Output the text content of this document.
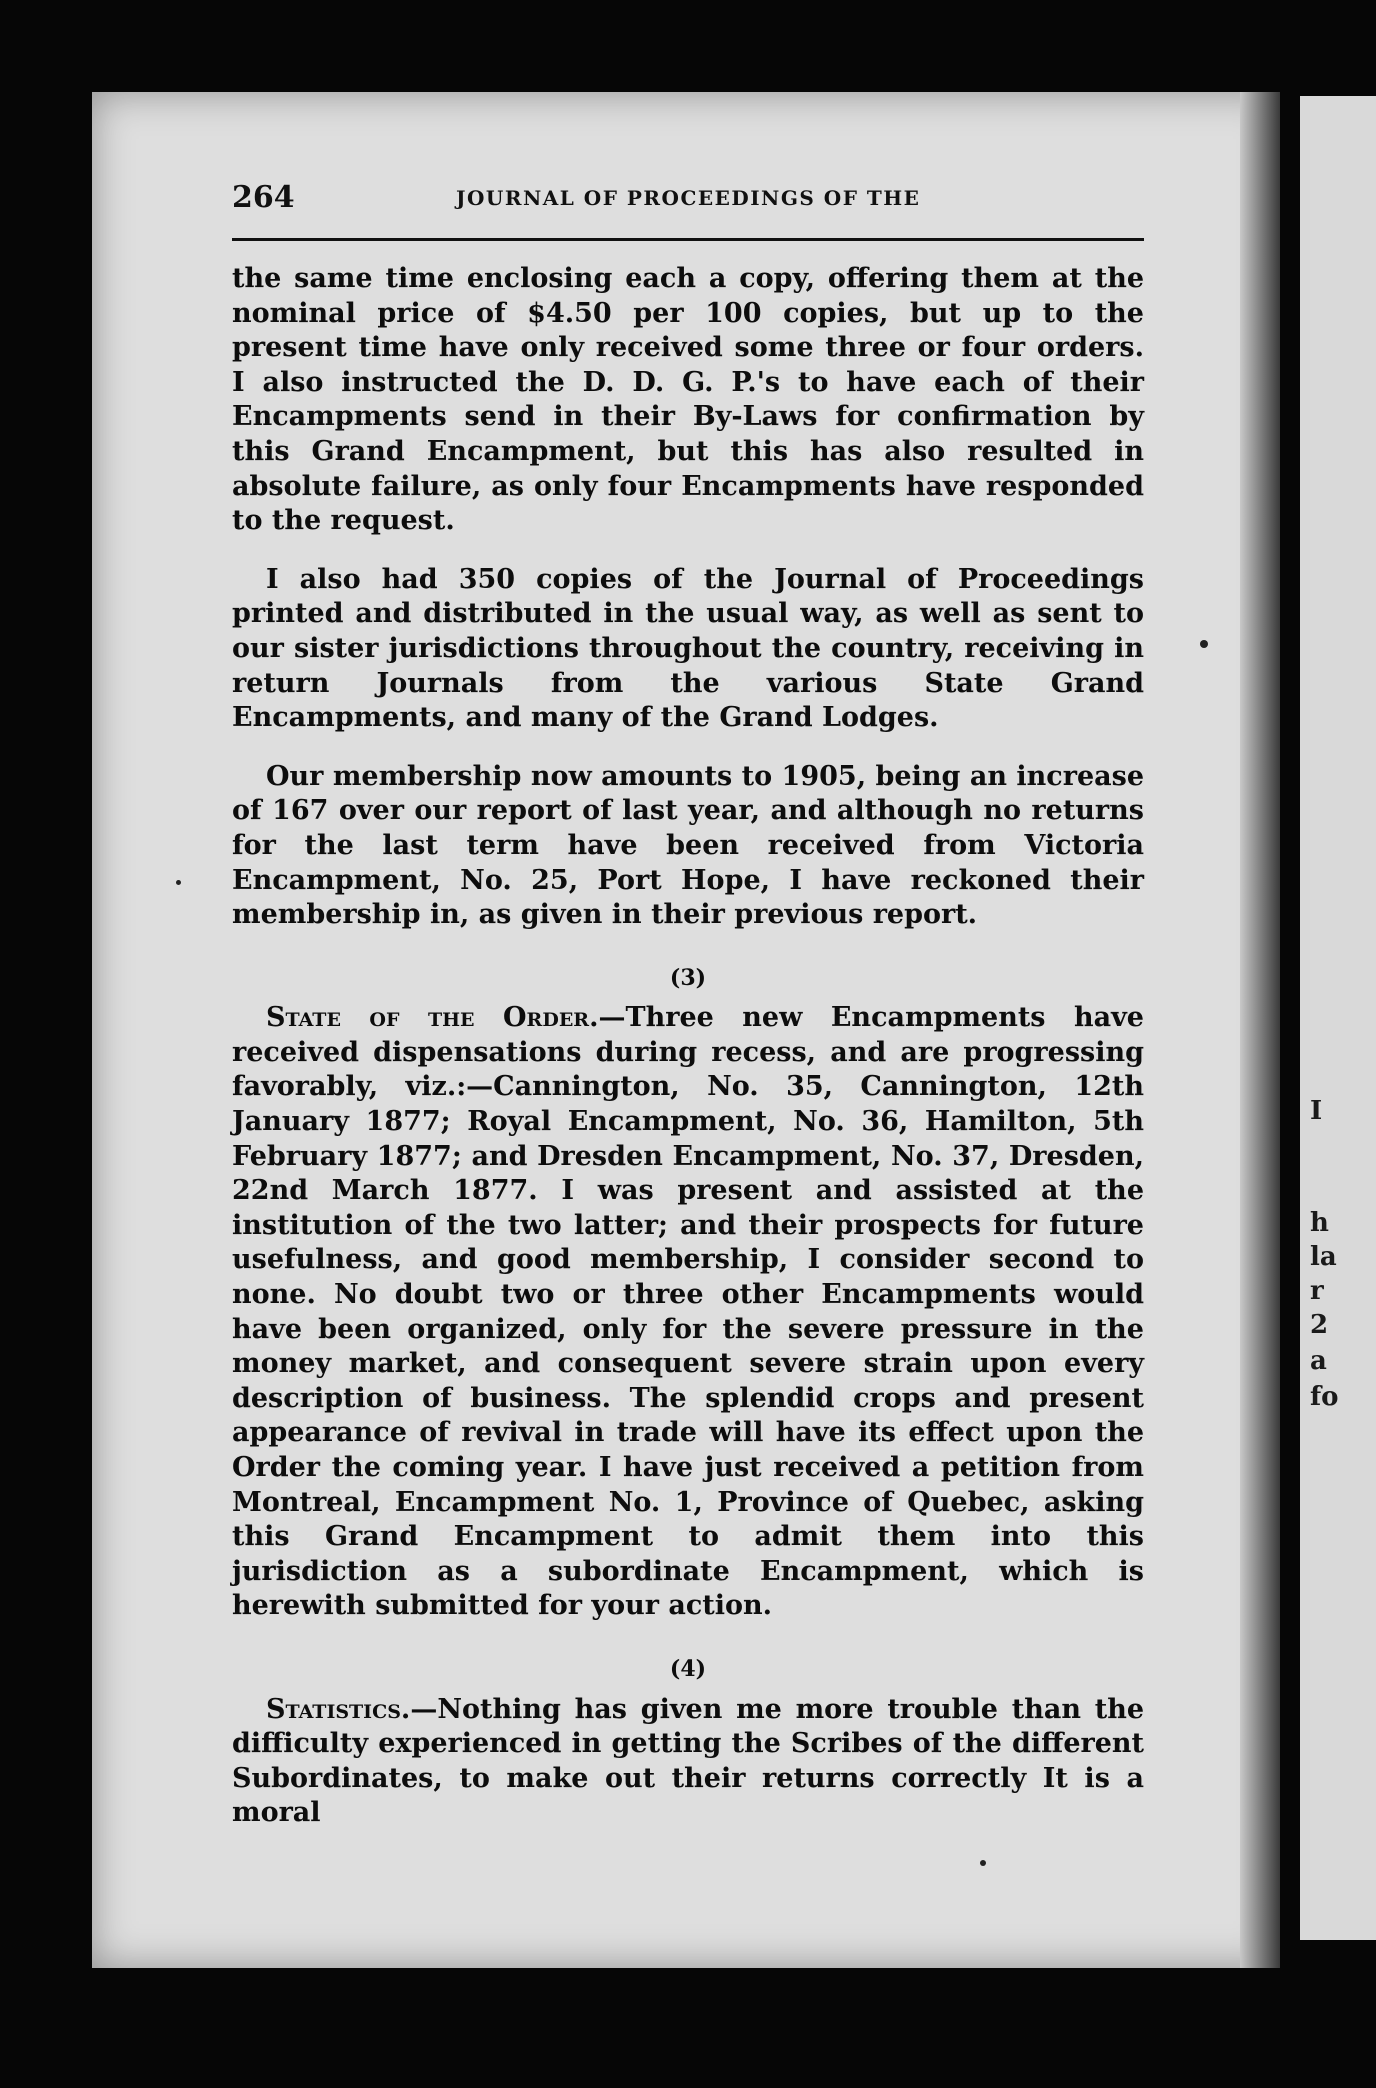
I
h
la
r
2
a
fo
264	JOURNAL OF PROCEEDINGS OF THE

the same time enclosing each a copy, offering them at the nominal price of $4.50 per 100 copies, but up to the present time have only received some three or four orders. I also instructed the D. D. G. P.'s to have each of their Encampments send in their By-Laws for confirmation by this Grand Encampment, but this has also resulted in absolute failure, as only four Encampments have responded to the request.

I also had 350 copies of the Journal of Proceedings printed and distributed in the usual way, as well as sent to our sister jurisdictions throughout the country, receiving in return Journals from the various State Grand Encampments, and many of the Grand Lodges.

Our membership now amounts to 1905, being an increase of 167 over our report of last year, and although no returns for the last term have been received from Victoria Encampment, No. 25, Port Hope, I have reckoned their membership in, as given in their previous report.

(3)

State of the Order.—Three new Encampments have received dispensations during recess, and are progressing favorably, viz.:—Cannington, No. 35, Cannington, 12th January 1877; Royal Encampment, No. 36, Hamilton, 5th February 1877; and Dresden Encampment, No. 37, Dresden, 22nd March 1877. I was present and assisted at the institution of the two latter; and their prospects for future usefulness, and good membership, I consider second to none. No doubt two or three other Encampments would have been organized, only for the severe pressure in the money market, and consequent severe strain upon every description of business. The splendid crops and present appearance of revival in trade will have its effect upon the Order the coming year. I have just received a petition from Montreal, Encampment No. 1, Province of Quebec, asking this Grand Encampment to admit them into this jurisdiction as a subordinate Encampment, which is herewith submitted for your action.

(4)

Statistics.—Nothing has given me more trouble than the difficulty experienced in getting the Scribes of the different Subordinates, to make out their returns correctly It is a moral
